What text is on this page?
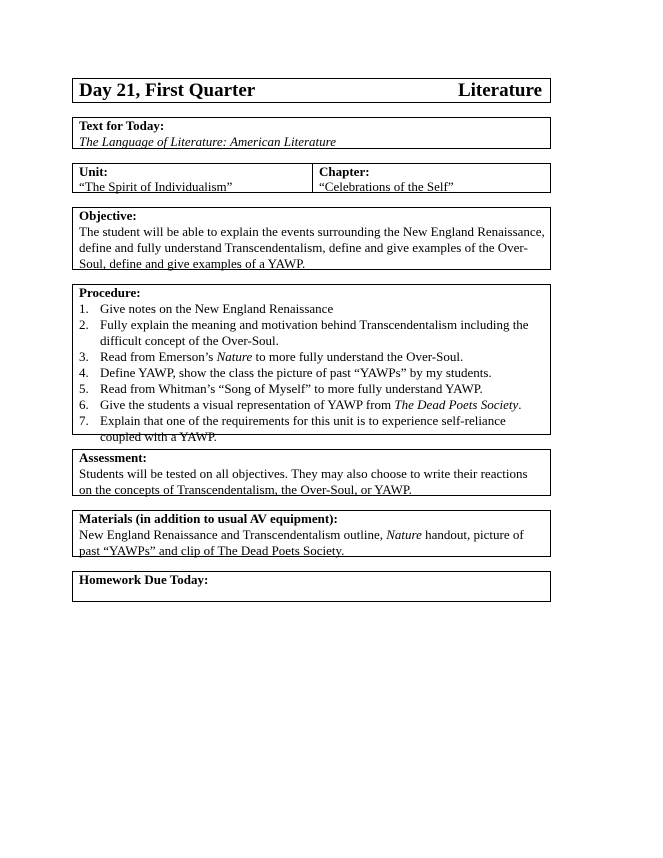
Day 21, First Quarter	Literature
Text for Today:
The Language of Literature: American Literature
Unit:
“The Spirit of Individualism”
Chapter:
“Celebrations of the Self”
Objective:
The student will be able to explain the events surrounding the New England Renaissance,
define and fully understand Transcendentalism, define and give examples of the Over-
Soul, define and give examples of a YAWP.
Procedure:
1. Give notes on the New England Renaissance
2. Fully explain the meaning and motivation behind Transcendentalism including the
difficult concept of the Over-Soul.
3. Read from Emerson’s Nature to more fully understand the Over-Soul.
4. Define YAWP, show the class the picture of past “YAWPs” by my students.
5. Read from Whitman’s “Song of Myself” to more fully understand YAWP.
6. Give the students a visual representation of YAWP from The Dead Poets Society.
7. Explain that one of the requirements for this unit is to experience self-reliance
coupled with a YAWP.
Assessment:
Students will be tested on all objectives. They may also choose to write their reactions
on the concepts of Transcendentalism, the Over-Soul, or YAWP.
Materials (in addition to usual AV equipment):
New England Renaissance and Transcendentalism outline, Nature handout, picture of
past “YAWPs” and clip of The Dead Poets Society.
Homework Due Today:
